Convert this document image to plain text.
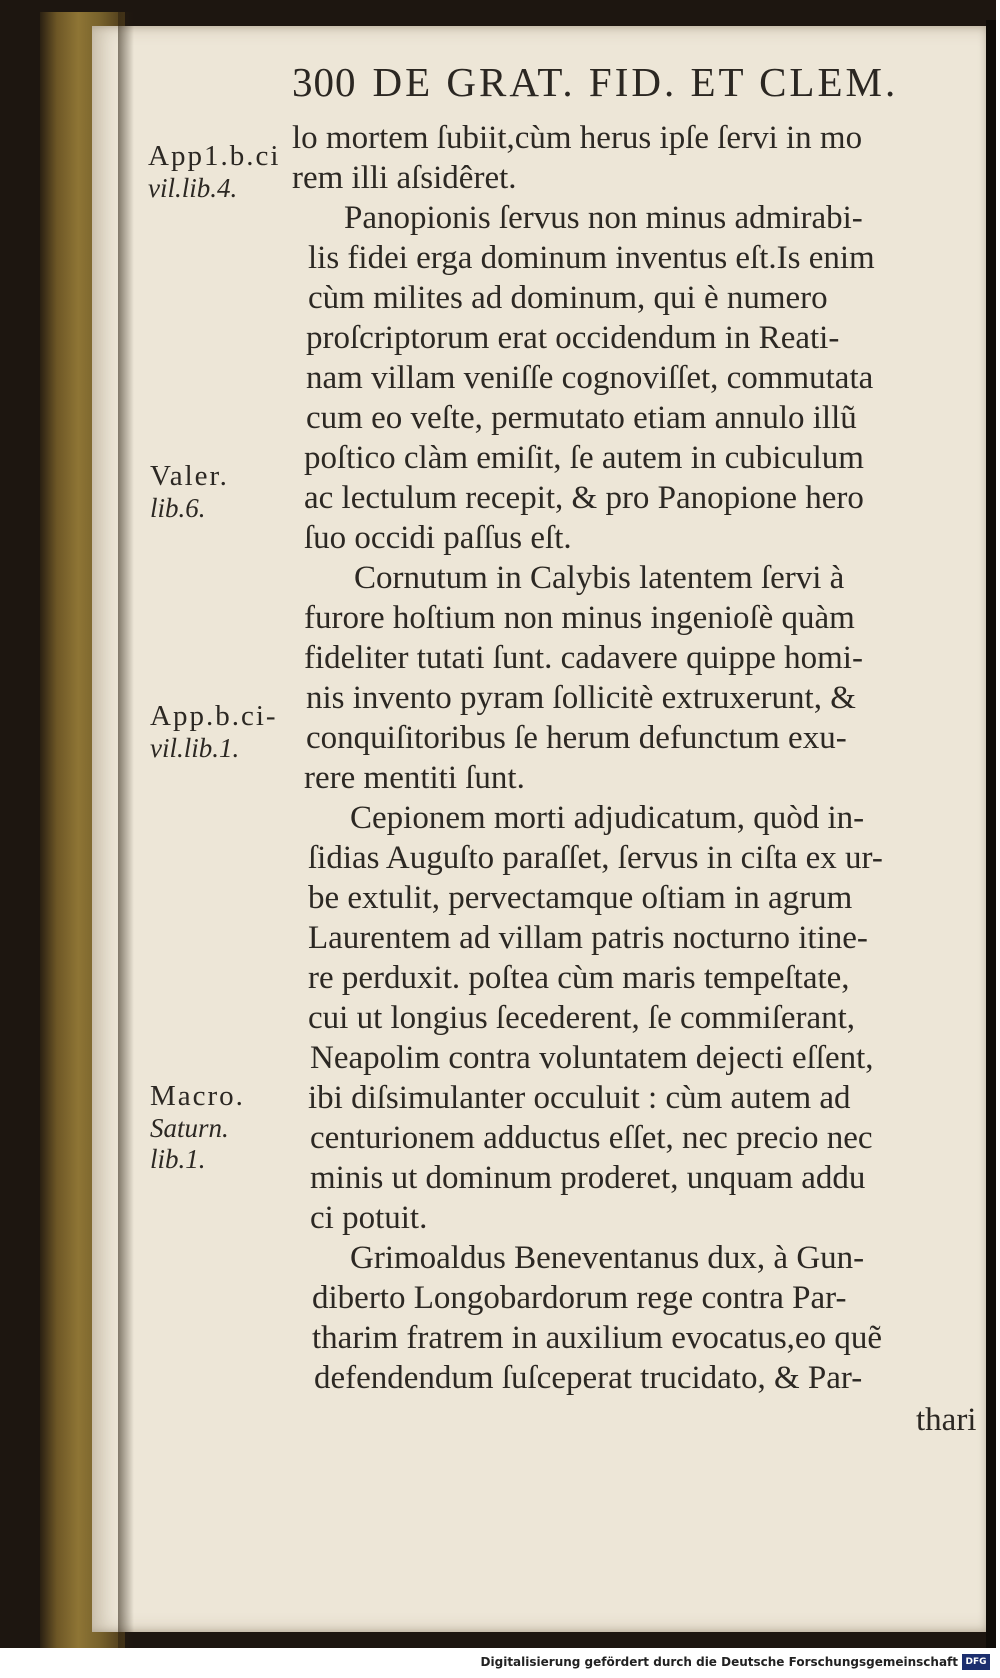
300 DE GRAT. FID. ET CLEM.
lo mortem ſubiit,cùm herus ipſe ſervi in mo
rem illi aſsidêret.
Panopionis ſervus non minus admirabi-
lis fidei erga dominum inventus eſt.Is enim
cùm milites ad dominum, qui è numero
proſcriptorum erat occidendum in Reati-
nam villam veniſſe cognoviſſet, commutata
cum eo veſte, permutato etiam annulo illũ
poſtico clàm emiſit, ſe autem in cubiculum
ac lectulum recepit, & pro Panopione hero
ſuo occidi paſſus eſt.
Cornutum in Calybis latentem ſervi à
furore hoſtium non minus ingenioſè quàm
fideliter tutati ſunt. cadavere quippe homi-
nis invento pyram ſollicitè extruxerunt, &
conquiſitoribus ſe herum defunctum exu-
rere mentiti ſunt.
Cepionem morti adjudicatum, quòd in-
ſidias Auguſto paraſſet, ſervus in ciſta ex ur-
be extulit, pervectamque oſtiam in agrum
Laurentem ad villam patris nocturno itine-
re perduxit. poſtea cùm maris tempeſtate,
cui ut longius ſecederent, ſe commiſerant,
Neapolim contra voluntatem dejecti eſſent,
ibi diſsimulanter occuluit : cùm autem ad
centurionem adductus eſſet, nec precio nec
minis ut dominum proderet, unquam addu
ci potuit.
Grimoaldus Beneventanus dux, à Gun-
diberto Longobardorum rege contra Par-
tharim fratrem in auxilium evocatus,eo quẽ
defendendum ſuſceperat trucidato, & Par-
thari
App1.b.ci
vil.lib.4.
Valer.
lib.6.
App.b.ci-
vil.lib.1.
Macro.
Saturn.
lib.1.
Digitalisierung gefördert durch die Deutsche Forschungsgemeinschaft DFG
